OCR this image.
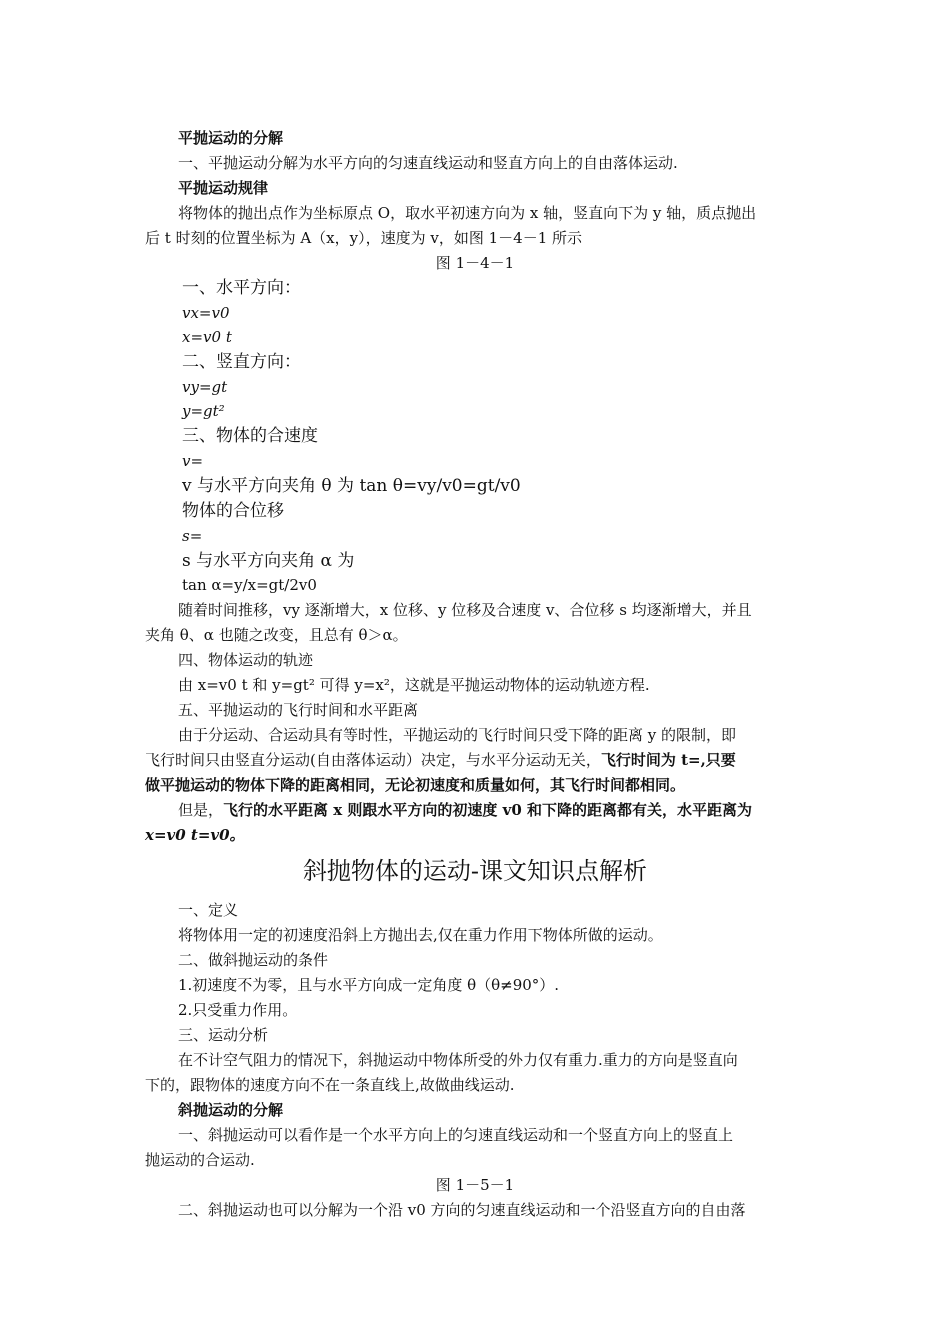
平抛运动的分解
一、平抛运动分解为水平方向的匀速直线运动和竖直方向上的自由落体运动.
平抛运动规律
将物体的抛出点作为坐标原点 O，取水平初速方向为 x 轴，竖直向下为 y 轴，质点抛出
后 t 时刻的位置坐标为 A（x，y），速度为 v，如图 1－4－1 所示
图 1－4－1
一、水平方向：
vx=v0
x=v0 t
二、竖直方向：
vy=gt
y=gt²
三、物体的合速度
v=
v 与水平方向夹角 θ 为 tan θ=vy/v0=gt/v0
物体的合位移
s=
s 与水平方向夹角 α 为
tan α=y/x=gt/2v0
随着时间推移，vy 逐渐增大，x 位移、y 位移及合速度 v、合位移 s 均逐渐增大，并且
夹角 θ、α 也随之改变，且总有 θ＞α。
四、物体运动的轨迹
由 x=v0 t 和 y=gt² 可得 y=x²，这就是平抛运动物体的运动轨迹方程.
五、平抛运动的飞行时间和水平距离
由于分运动、合运动具有等时性，平抛运动的飞行时间只受下降的距离 y 的限制，即
飞行时间只由竖直分运动(自由落体运动）决定，与水平分运动无关，飞行时间为 t=,只要
做平抛运动的物体下降的距离相同，无论初速度和质量如何，其飞行时间都相同。
但是，飞行的水平距离 x 则跟水平方向的初速度 v0 和下降的距离都有关，水平距离为
x=v0 t=v0。
斜抛物体的运动-课文知识点解析
一、定义
将物体用一定的初速度沿斜上方抛出去,仅在重力作用下物体所做的运动。
二、做斜抛运动的条件
1.初速度不为零，且与水平方向成一定角度 θ（θ≠90°）.
2.只受重力作用。
三、运动分析
在不计空气阻力的情况下，斜抛运动中物体所受的外力仅有重力.重力的方向是竖直向
下的，跟物体的速度方向不在一条直线上,故做曲线运动.
斜抛运动的分解
一、斜抛运动可以看作是一个水平方向上的匀速直线运动和一个竖直方向上的竖直上
抛运动的合运动.
图 1－5－1
二、斜抛运动也可以分解为一个沿 v0 方向的匀速直线运动和一个沿竖直方向的自由落
